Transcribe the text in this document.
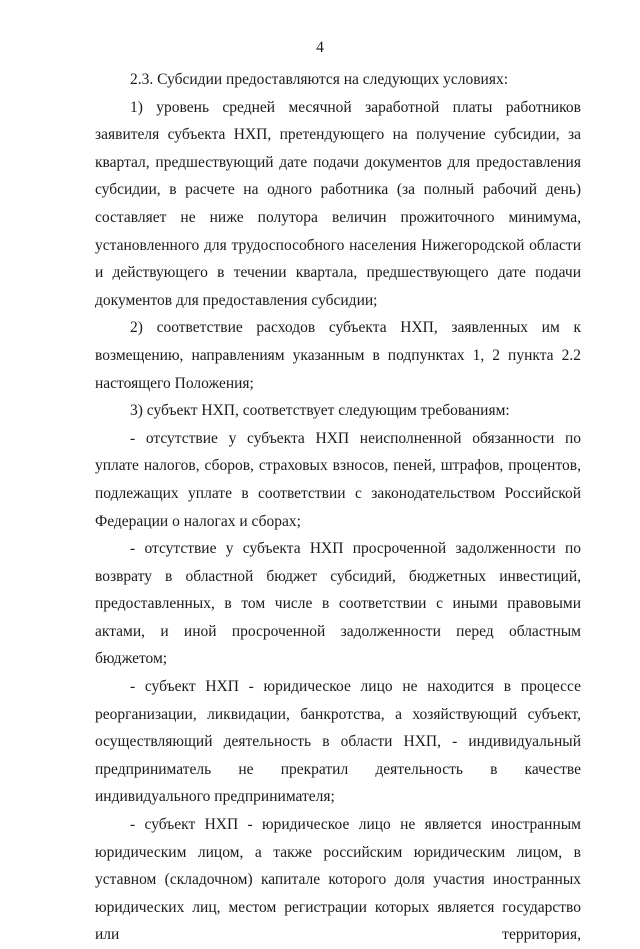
4

2.3. Субсидии предоставляются на следующих условиях:

1) уровень средней месячной заработной платы работников заявителя субъекта НХП, претендующего на получение субсидии, за квартал, предшествующий дате подачи документов для предоставления субсидии, в расчете на одного работника (за полный рабочий день) составляет не ниже полутора величин прожиточного минимума, установленного для трудоспособного населения Нижегородской области и действующего в течении квартала, предшествующего дате подачи документов для предоставления субсидии;

2) соответствие расходов субъекта НХП, заявленных им к возмещению, направлениям указанным в подпунктах 1, 2 пункта 2.2 настоящего Положения;

3) субъект НХП, соответствует следующим требованиям:

- отсутствие у субъекта НХП неисполненной обязанности по уплате налогов, сборов, страховых взносов, пеней, штрафов, процентов, подлежащих уплате в соответствии с законодательством Российской Федерации о налогах и сборах;

- отсутствие у субъекта НХП просроченной задолженности по возврату в областной бюджет субсидий, бюджетных инвестиций, предоставленных, в том числе в соответствии с иными правовыми актами, и иной просроченной задолженности перед областным бюджетом;

- субъект НХП - юридическое лицо не находится в процессе реорганизации, ликвидации, банкротства, а хозяйствующий субъект, осуществляющий деятельность в области НХП, - индивидуальный предприниматель не прекратил деятельность в качестве индивидуального предпринимателя;

- субъект НХП - юридическое лицо не является иностранным юридическим лицом, а также российским юридическим лицом, в уставном (складочном) капитале которого доля участия иностранных юридических лиц, местом регистрации которых является государство или территория,
